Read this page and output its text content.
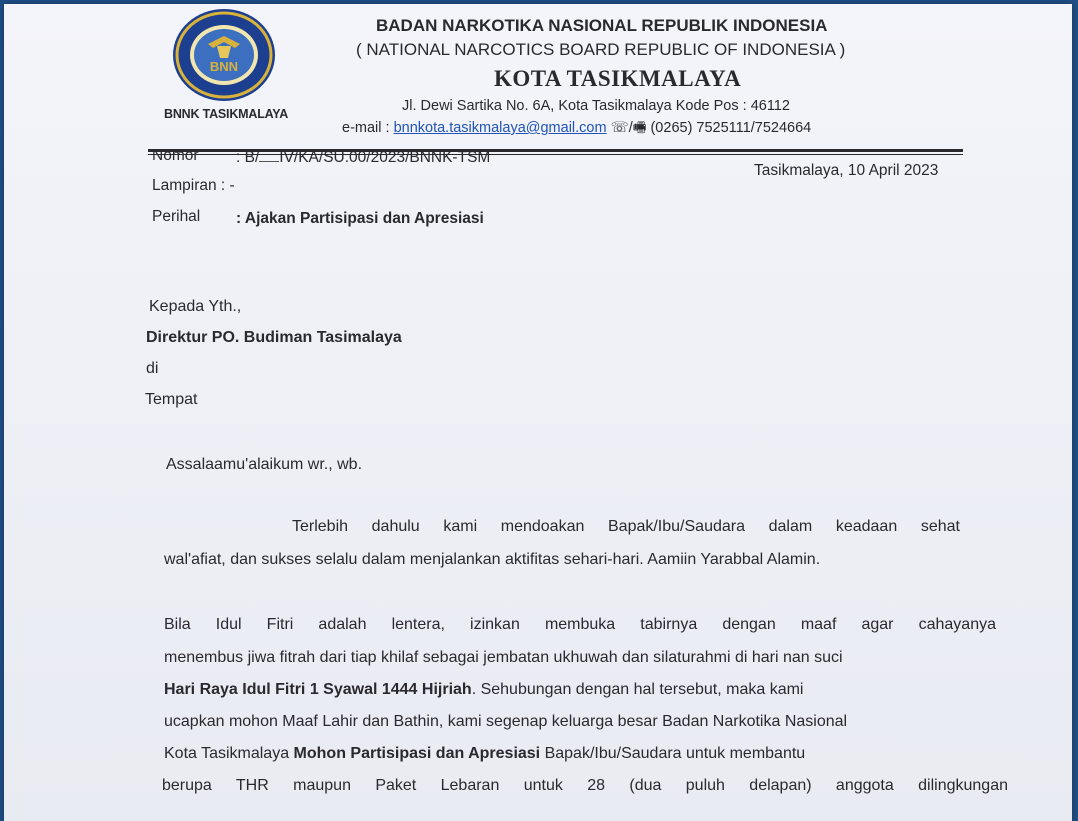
BNN
BNNK TASIKMALAYA
BADAN NARKOTIKA NASIONAL REPUBLIK INDONESIA
( NATIONAL NARCOTICS BOARD REPUBLIC OF INDONESIA )
KOTA TASIKMALAYA
Jl. Dewi Sartika No. 6A, Kota Tasikmalaya Kode Pos : 46112
e-mail : bnnkota.tasikmalaya@gmail.com ☏/🖷 (0265) 7525111/7524664
Nomor : B/ IV/KA/SU.00/2023/BNNK-TSM
Tasikmalaya, 10 April 2023
Lampiran : -
Perihal : Ajakan Partisipasi dan Apresiasi
Kepada Yth.,
Direktur PO. Budiman Tasimalaya
di
Tempat
Assalaamu'alaikum wr., wb.
Terlebih dahulu kami mendoakan Bapak/Ibu/Saudara dalam keadaan sehat
wal'afiat, dan sukses selalu dalam menjalankan aktifitas sehari-hari. Aamiin Yarabbal Alamin.
Bila Idul Fitri adalah lentera, izinkan membuka tabirnya dengan maaf agar cahayanya
menembus jiwa fitrah dari tiap khilaf sebagai jembatan ukhuwah dan silaturahmi di hari nan suci
Hari Raya Idul Fitri 1 Syawal 1444 Hijriah. Sehubungan dengan hal tersebut, maka kami
ucapkan mohon Maaf Lahir dan Bathin, kami segenap keluarga besar Badan Narkotika Nasional
Kota Tasikmalaya Mohon Partisipasi dan Apresiasi Bapak/Ibu/Saudara untuk membantu
berupa THR maupun Paket Lebaran untuk 28 (dua puluh delapan) anggota dilingkungan
